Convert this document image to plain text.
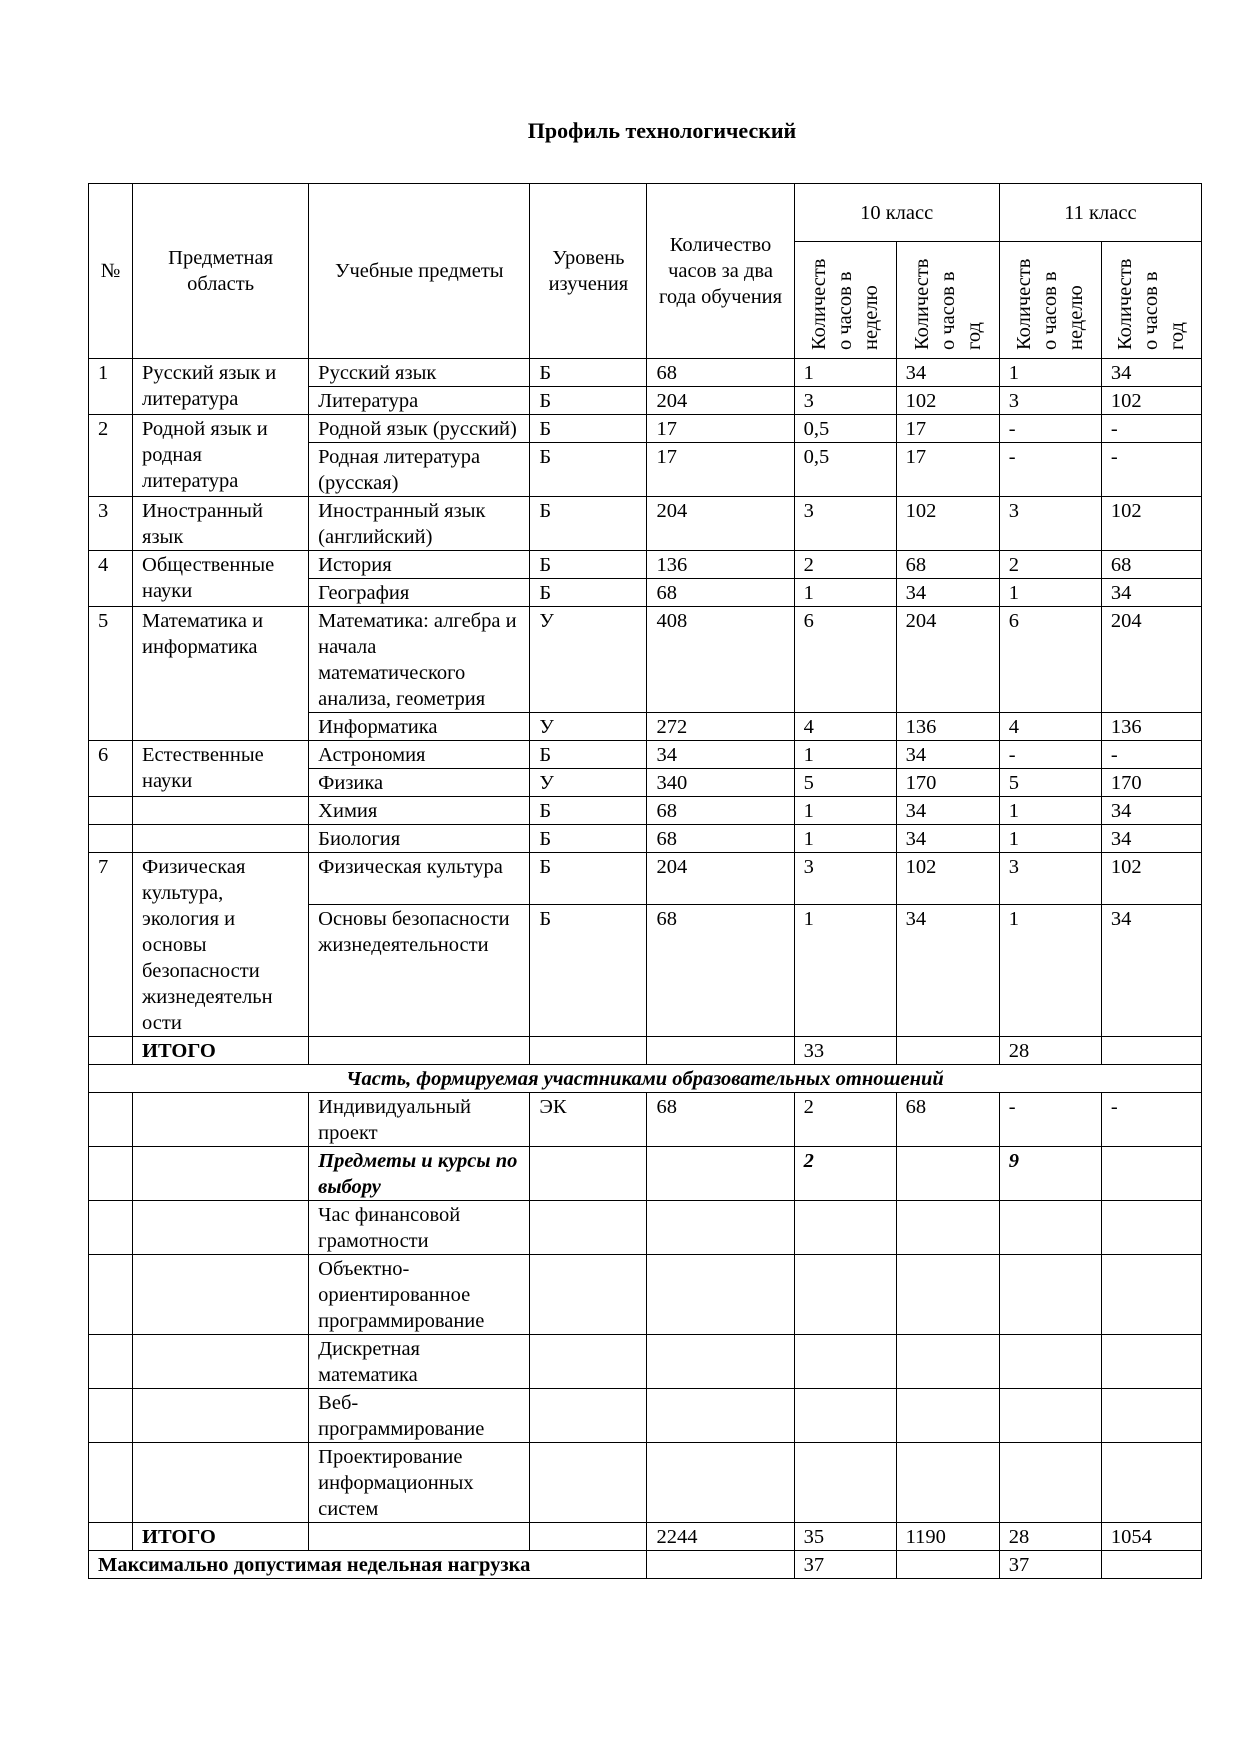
Профиль технологический
№	Предметная область	Учебные предметы	Уровень изучения	Количество часов за два года обучения	10 класс		11 класс	

					Количество часов в неделю	Количество часов в год	Количество часов в неделю	Количество часов в год

1	Русский язык и литература	Русский язык	Б	68	1	34	1	34
		Литература	Б	204	3	102	3	102
2	Родной язык и родная литература	Родной язык (русский)	Б	17	0,5	17	-	-
		Родная литература (русская)	Б	17	0,5	17	-	-
3	Иностранный язык	Иностранный язык (английский)	Б	204	3	102	3	102
4	Общественные науки	История	Б	136	2	68	2	68
		География	Б	68	1	34	1	34
5	Математика и информатика	Математика: алгебра и начала математического анализа, геометрия	У	408	6	204	6	204
		Информатика	У	272	4	136	4	136
6	Естественные науки	Астрономия	Б	34	1	34	-	-
		Физика	У	340	5	170	5	170
		Химия	Б	68	1	34	1	34
		Биология	Б	68	1	34	1	34
7	Физическая культура, экология и основы безопасности жизнедеятельн ости	Физическая культура	Б	204	3	102	3	102
		Основы безопасности жизнедеятельности	Б	68	1	34	1	34
	ИТОГО				33		28	
Часть, формируемая участниками образовательных отношений								
		Индивидуальный проект	ЭК	68	2	68	-	-
		Предметы и курсы по выбору			2		9	
		Час финансовой грамотности						
		Объектно-ориентированное программирование						
		Дискретная математика						
		Веб-программирование						
		Проектирование информационных систем						
	ИТОГО			2244	35	1190	28	1054
Максимально допустимая недельная нагрузка					37		37	
